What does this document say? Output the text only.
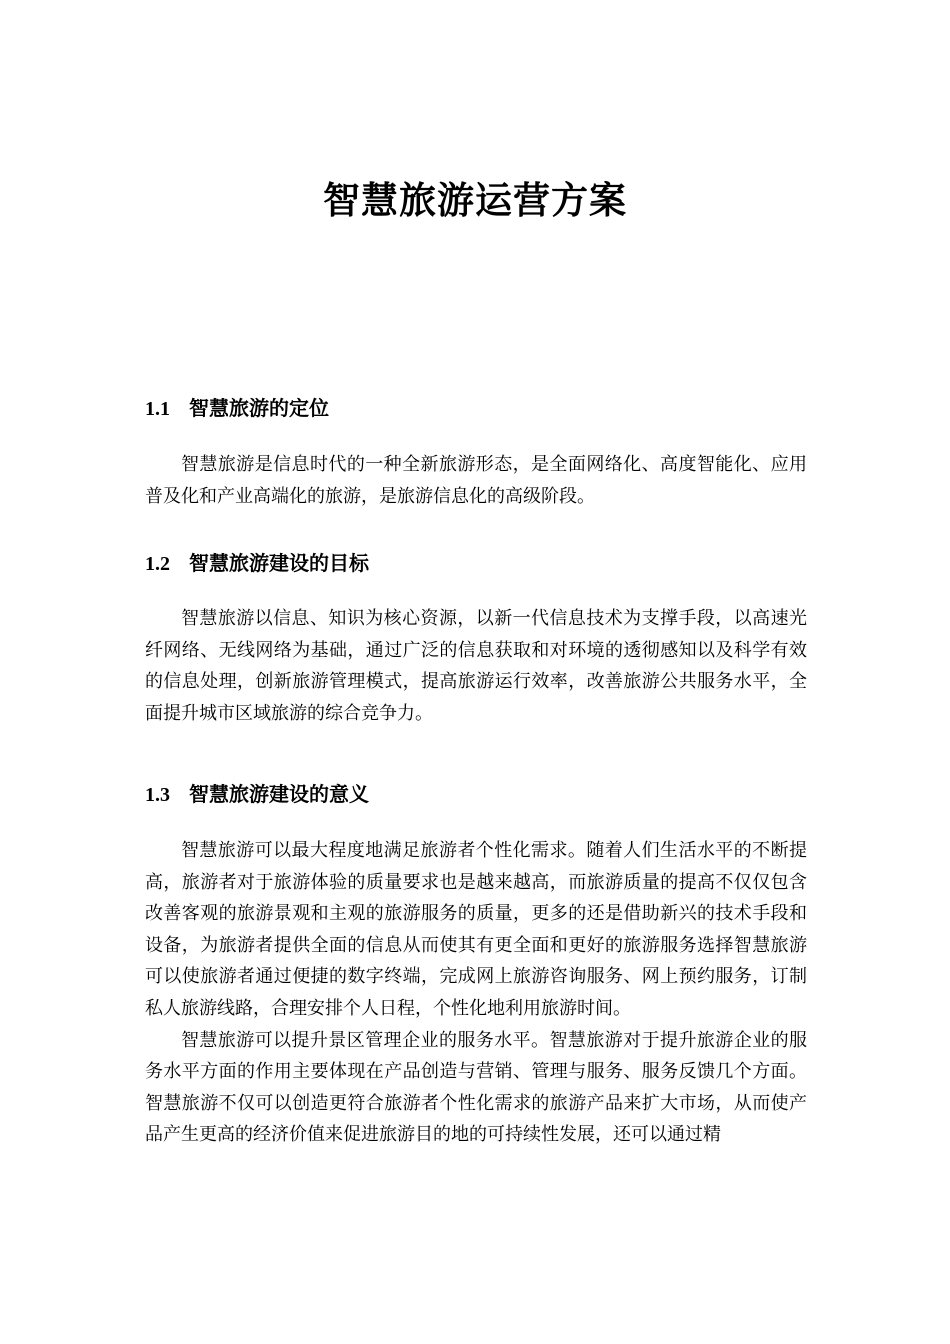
智慧旅游运营方案
1.1 智慧旅游的定位

智慧旅游是信息时代的一种全新旅游形态，是全面网络化、高度智能化、应用普及化和产业高端化的旅游，是旅游信息化的高级阶段。

1.2 智慧旅游建设的目标

智慧旅游以信息、知识为核心资源，以新一代信息技术为支撑手段，以高速光纤网络、无线网络为基础，通过广泛的信息获取和对环境的透彻感知以及科学有效的信息处理，创新旅游管理模式，提高旅游运行效率，改善旅游公共服务水平，全面提升城市区域旅游的综合竞争力。

1.3 智慧旅游建设的意义

智慧旅游可以最大程度地满足旅游者个性化需求。随着人们生活水平的不断提高，旅游者对于旅游体验的质量要求也是越来越高，而旅游质量的提高不仅仅包含改善客观的旅游景观和主观的旅游服务的质量，更多的还是借助新兴的技术手段和设备，为旅游者提供全面的信息从而使其有更全面和更好的旅游服务选择智慧旅游可以使旅游者通过便捷的数字终端，完成网上旅游咨询服务、网上预约服务，订制私人旅游线路，合理安排个人日程，个性化地利用旅游时间。

智慧旅游可以提升景区管理企业的服务水平。智慧旅游对于提升旅游企业的服务水平方面的作用主要体现在产品创造与营销、管理与服务、服务反馈几个方面。智慧旅游不仅可以创造更符合旅游者个性化需求的旅游产品来扩大市场，从而使产品产生更高的经济价值来促进旅游目的地的可持续性发展，还可以通过精
